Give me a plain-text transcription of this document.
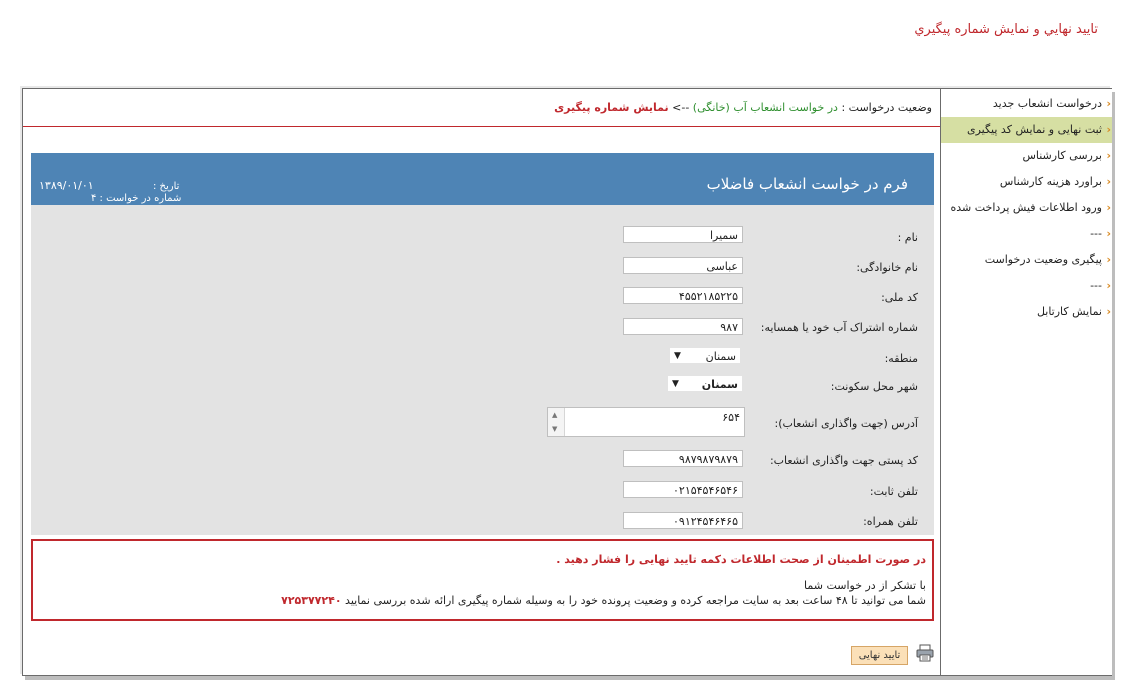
تاييد نهايي و نمايش شماره پيگيري
‹
درخواست انشعاب جدید
‹
ثبت نهایی و نمایش کد پیگیری
‹
بررسی کارشناس
‹
براورد هزینه کارشناس
‹
ورود اطلاعات فیش پرداخت شده
‹
---
‹
پیگیری وضعیت درخواست
‹
---
‹
نمایش کارتابل
وضعیت درخواست : در خواست انشعاب آب (خانگی) --> نمایش شماره پیگیری
فرم در خواست انشعاب فاضلاب
تاریخ :
۱۳۸۹/۰۱/۰۱
شماره در خواست : ۴
نام :
سمیرا
نام خانوادگی:
عباسی
کد ملی:
۴۵۵۲۱۸۵۲۲۵
شماره اشتراک آب خود یا همسایه:
۹۸۷
منطقه:
سمنان
▼
شهر محل سکونت:
سمنان
▼
آدرس (جهت واگذاری انشعاب):
۶۵۴
▲
▼
کد پستی جهت واگذاری انشعاب:
۹۸۷۹۸۷۹۸۷۹
تلفن ثابت:
۰۲۱۵۴۵۴۶۵۴۶
تلفن همراه:
۰۹۱۲۴۵۴۶۴۶۵
در صورت اطمینان از صحت اطلاعات دکمه تایید نهایی را فشار دهید .
با تشکر از در خواست شما
شما می توانید تا ۴۸ ساعت بعد به سایت مراجعه کرده و وضعیت پرونده خود را به وسیله شماره پیگیری ارائه شده بررسی نمایید ۷۲۵۳۷۷۲۴۰
تایید نهایی
